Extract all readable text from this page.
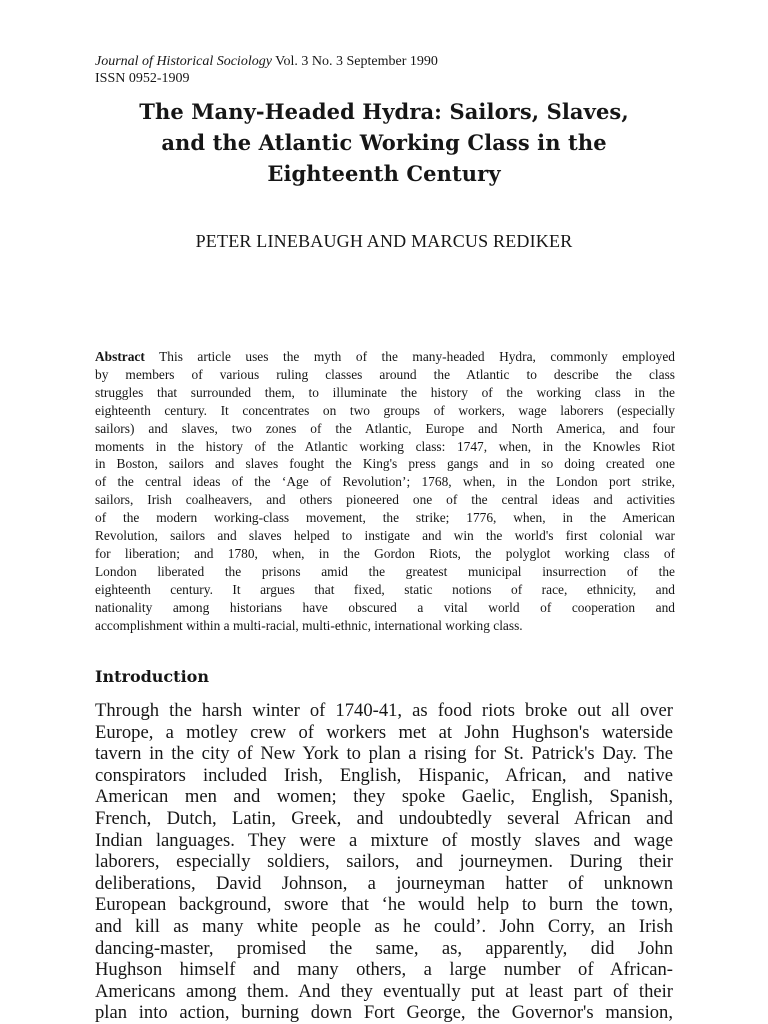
Journal of Historical Sociology Vol. 3 No. 3 September 1990
ISSN 0952-1909
The Many-Headed Hydra: Sailors, Slaves,
and the Atlantic Working Class in the
Eighteenth Century
PETER LINEBAUGH AND MARCUS REDIKER
Abstract This article uses the myth of the many-headed Hydra, commonly employed
by members of various ruling classes around the Atlantic to describe the class
struggles that surrounded them, to illuminate the history of the working class in the
eighteenth century. It concentrates on two groups of workers, wage laborers (especially
sailors) and slaves, two zones of the Atlantic, Europe and North America, and four
moments in the history of the Atlantic working class: 1747, when, in the Knowles Riot
in Boston, sailors and slaves fought the King's press gangs and in so doing created one
of the central ideas of the ‘Age of Revolution’; 1768, when, in the London port strike,
sailors, Irish coalheavers, and others pioneered one of the central ideas and activities
of the modern working-class movement, the strike; 1776, when, in the American
Revolution, sailors and slaves helped to instigate and win the world's first colonial war
for liberation; and 1780, when, in the Gordon Riots, the polyglot working class of
London liberated the prisons amid the greatest municipal insurrection of the
eighteenth century. It argues that fixed, static notions of race, ethnicity, and
nationality among historians have obscured a vital world of cooperation and
accomplishment within a multi-racial, multi-ethnic, international working class.
Introduction
Through the harsh winter of 1740-41, as food riots broke out all over
Europe, a motley crew of workers met at John Hughson's waterside
tavern in the city of New York to plan a rising for St. Patrick's Day. The
conspirators included Irish, English, Hispanic, African, and native
American men and women; they spoke Gaelic, English, Spanish,
French, Dutch, Latin, Greek, and undoubtedly several African and
Indian languages. They were a mixture of mostly slaves and wage
laborers, especially soldiers, sailors, and journeymen. During their
deliberations, David Johnson, a journeyman hatter of unknown
European background, swore that ‘he would help to burn the town,
and kill as many white people as he could’. John Corry, an Irish
dancing-master, promised the same, as, apparently, did John
Hughson himself and many others, a large number of African-
Americans among them. And they eventually put at least part of their
plan into action, burning down Fort George, the Governor's mansion,
